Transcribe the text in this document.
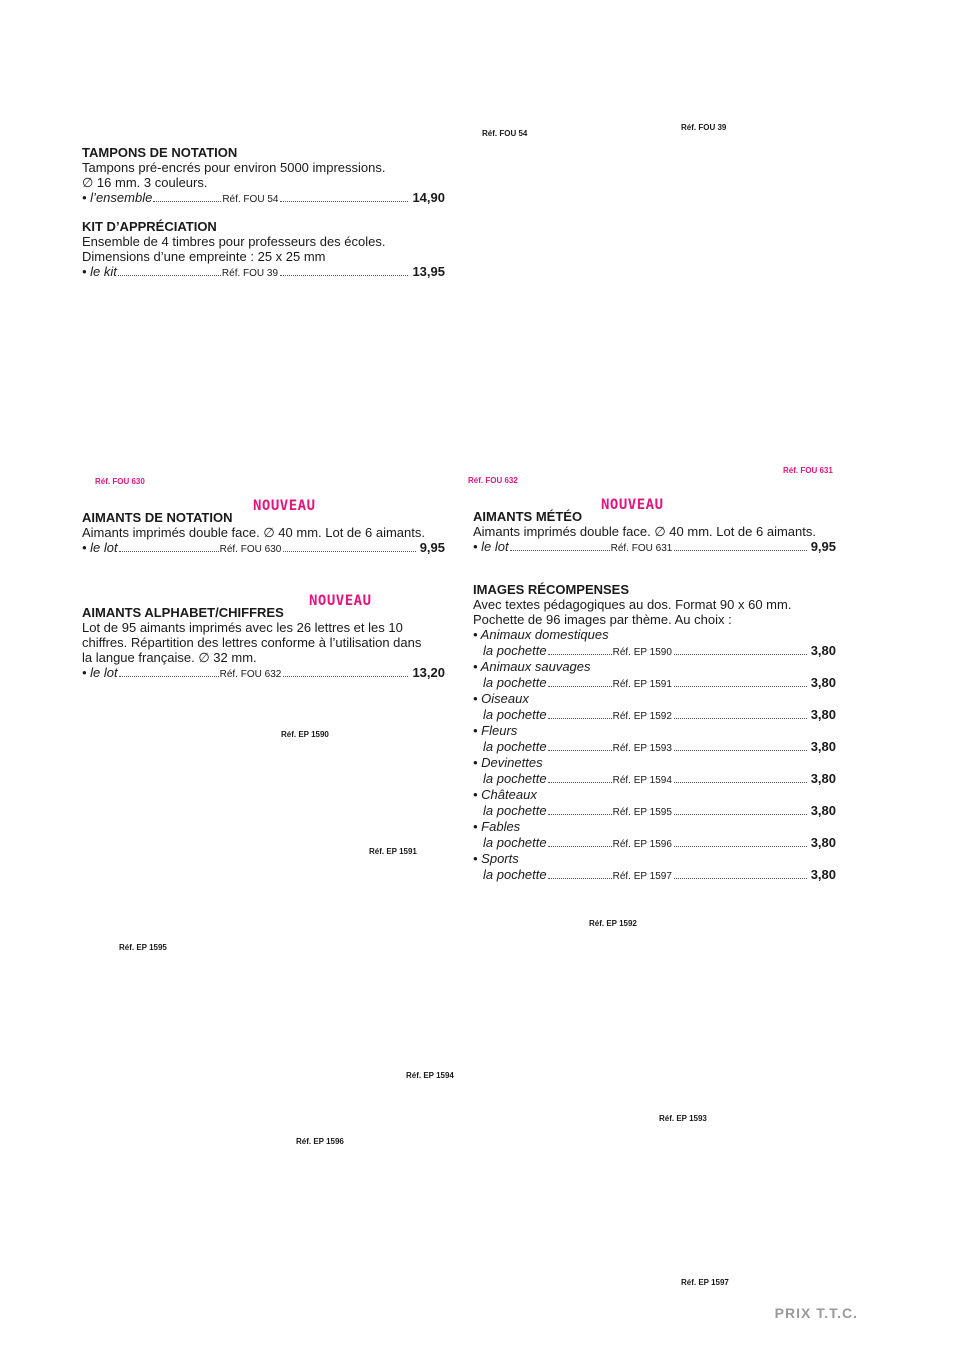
Réf. FOU 54
Réf. FOU 39
Réf. FOU 630	Réf. FOU 632
Réf. FOU 631
Réf. EP 1590
Réf. EP 1591
Réf. EP 1592
Réf. EP 1595
Réf. EP 1594
Réf. EP 1593
Réf. EP 1596
Réf. EP 1597
NOUVEAU	NOUVEAU
NOUVEAU
TAMPONS DE NOTATION
Tampons pré-encrés pour environ 5000 impressions.
∅ 16 mm. 3 couleurs.
• l’ensemble	Réf. FOU 54	14,90
KIT D’APPRÉCIATION
Ensemble de 4 timbres pour professeurs des écoles.
Dimensions d’une empreinte : 25 x 25 mm
• le kit	Réf. FOU 39	13,95
AIMANTS DE NOTATION
Aimants imprimés double face. ∅ 40 mm. Lot de 6 aimants.
• le lot	Réf. FOU 630	9,95
AIMANTS MÉTÉO
Aimants imprimés double face. ∅ 40 mm. Lot de 6 aimants.
• le lot	Réf. FOU 631	9,95
AIMANTS ALPHABET/CHIFFRES
Lot de 95 aimants imprimés avec les 26 lettres et les 10
chiffres. Répartition des lettres conforme à l’utilisation dans
la langue française. ∅ 32 mm.
• le lot	Réf. FOU 632	13,20
IMAGES RÉCOMPENSES
Avec textes pédagogiques au dos. Format 90 x 60 mm.
Pochette de 96 images par thème. Au choix :
• Animaux domestiques
la pochette	Réf. EP 1590	3,80
• Animaux sauvages
la pochette	Réf. EP 1591	3,80
• Oiseaux
la pochette	Réf. EP 1592	3,80
• Fleurs
la pochette	Réf. EP 1593	3,80
• Devinettes
la pochette	Réf. EP 1594	3,80
• Châteaux
la pochette	Réf. EP 1595	3,80
• Fables
la pochette	Réf. EP 1596	3,80
• Sports
la pochette	Réf. EP 1597	3,80
PRIX T.T.C.
